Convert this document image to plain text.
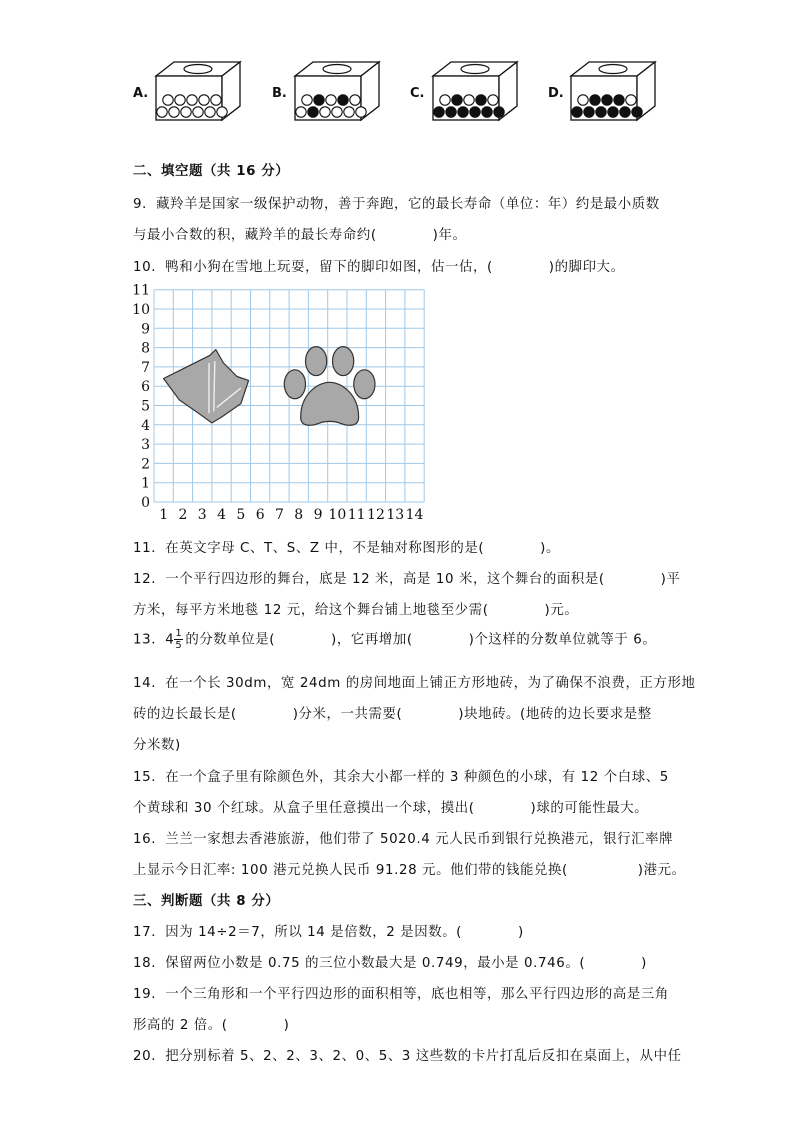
A.	B.	C.	D.
二、填空题（共 16 分）
9．藏羚羊是国家一级保护动物，善于奔跑，它的最长寿命（单位：年）约是最小质数
与最小合数的积，藏羚羊的最长寿命约(　　　　)年。
10．鸭和小狗在雪地上玩耍，留下的脚印如图，估一估，(　　　　)的脚印大。
0
1
2
3
4
5
6
7
8
9
10
11
1 2 3 4 5 6 7 8 9 10 11 12 13 14
11．在英文字母 C、T、S、Z 中，不是轴对称图形的是(　　　　)。
12．一个平行四边形的舞台，底是 12 米，高是 10 米，这个舞台的面积是(　　　　)平
方米，每平方米地毯 12 元，给这个舞台铺上地毯至少需(　　　　)元。
13．$4 \frac{1}{5}$ 的分数单位是(　　　　)，它再增加(　　　　)个这样的分数单位就等于 6。
14．在一个长 30dm，宽 24dm 的房间地面上铺正方形地砖，为了确保不浪费，正方形地
砖的边长最长是(　　　　)分米，一共需要(　　　　)块地砖。(地砖的边长要求是整
分米数)
15．在一个盒子里有除颜色外，其余大小都一样的 3 种颜色的小球，有 12 个白球、5
个黄球和 30 个红球。从盒子里任意摸出一个球，摸出(　　　　)球的可能性最大。
16．兰兰一家想去香港旅游，他们带了 5020.4 元人民币到银行兑换港元，银行汇率牌
上显示今日汇率: 100 港元兑换人民币 91.28 元。他们带的钱能兑换(　　　　　)港元。
三、判断题（共 8 分）
17．因为 14÷2＝7，所以 14 是倍数，2 是因数。(　　　　)
18．保留两位小数是 0.75 的三位小数最大是 0.749，最小是 0.746。(　　　　)
19．一个三角形和一个平行四边形的面积相等，底也相等，那么平行四边形的高是三角
形高的 2 倍。(　　　　)
20．把分别标着 5、2、2、3、2、0、5、3 这些数的卡片打乱后反扣在桌面上，从中任
